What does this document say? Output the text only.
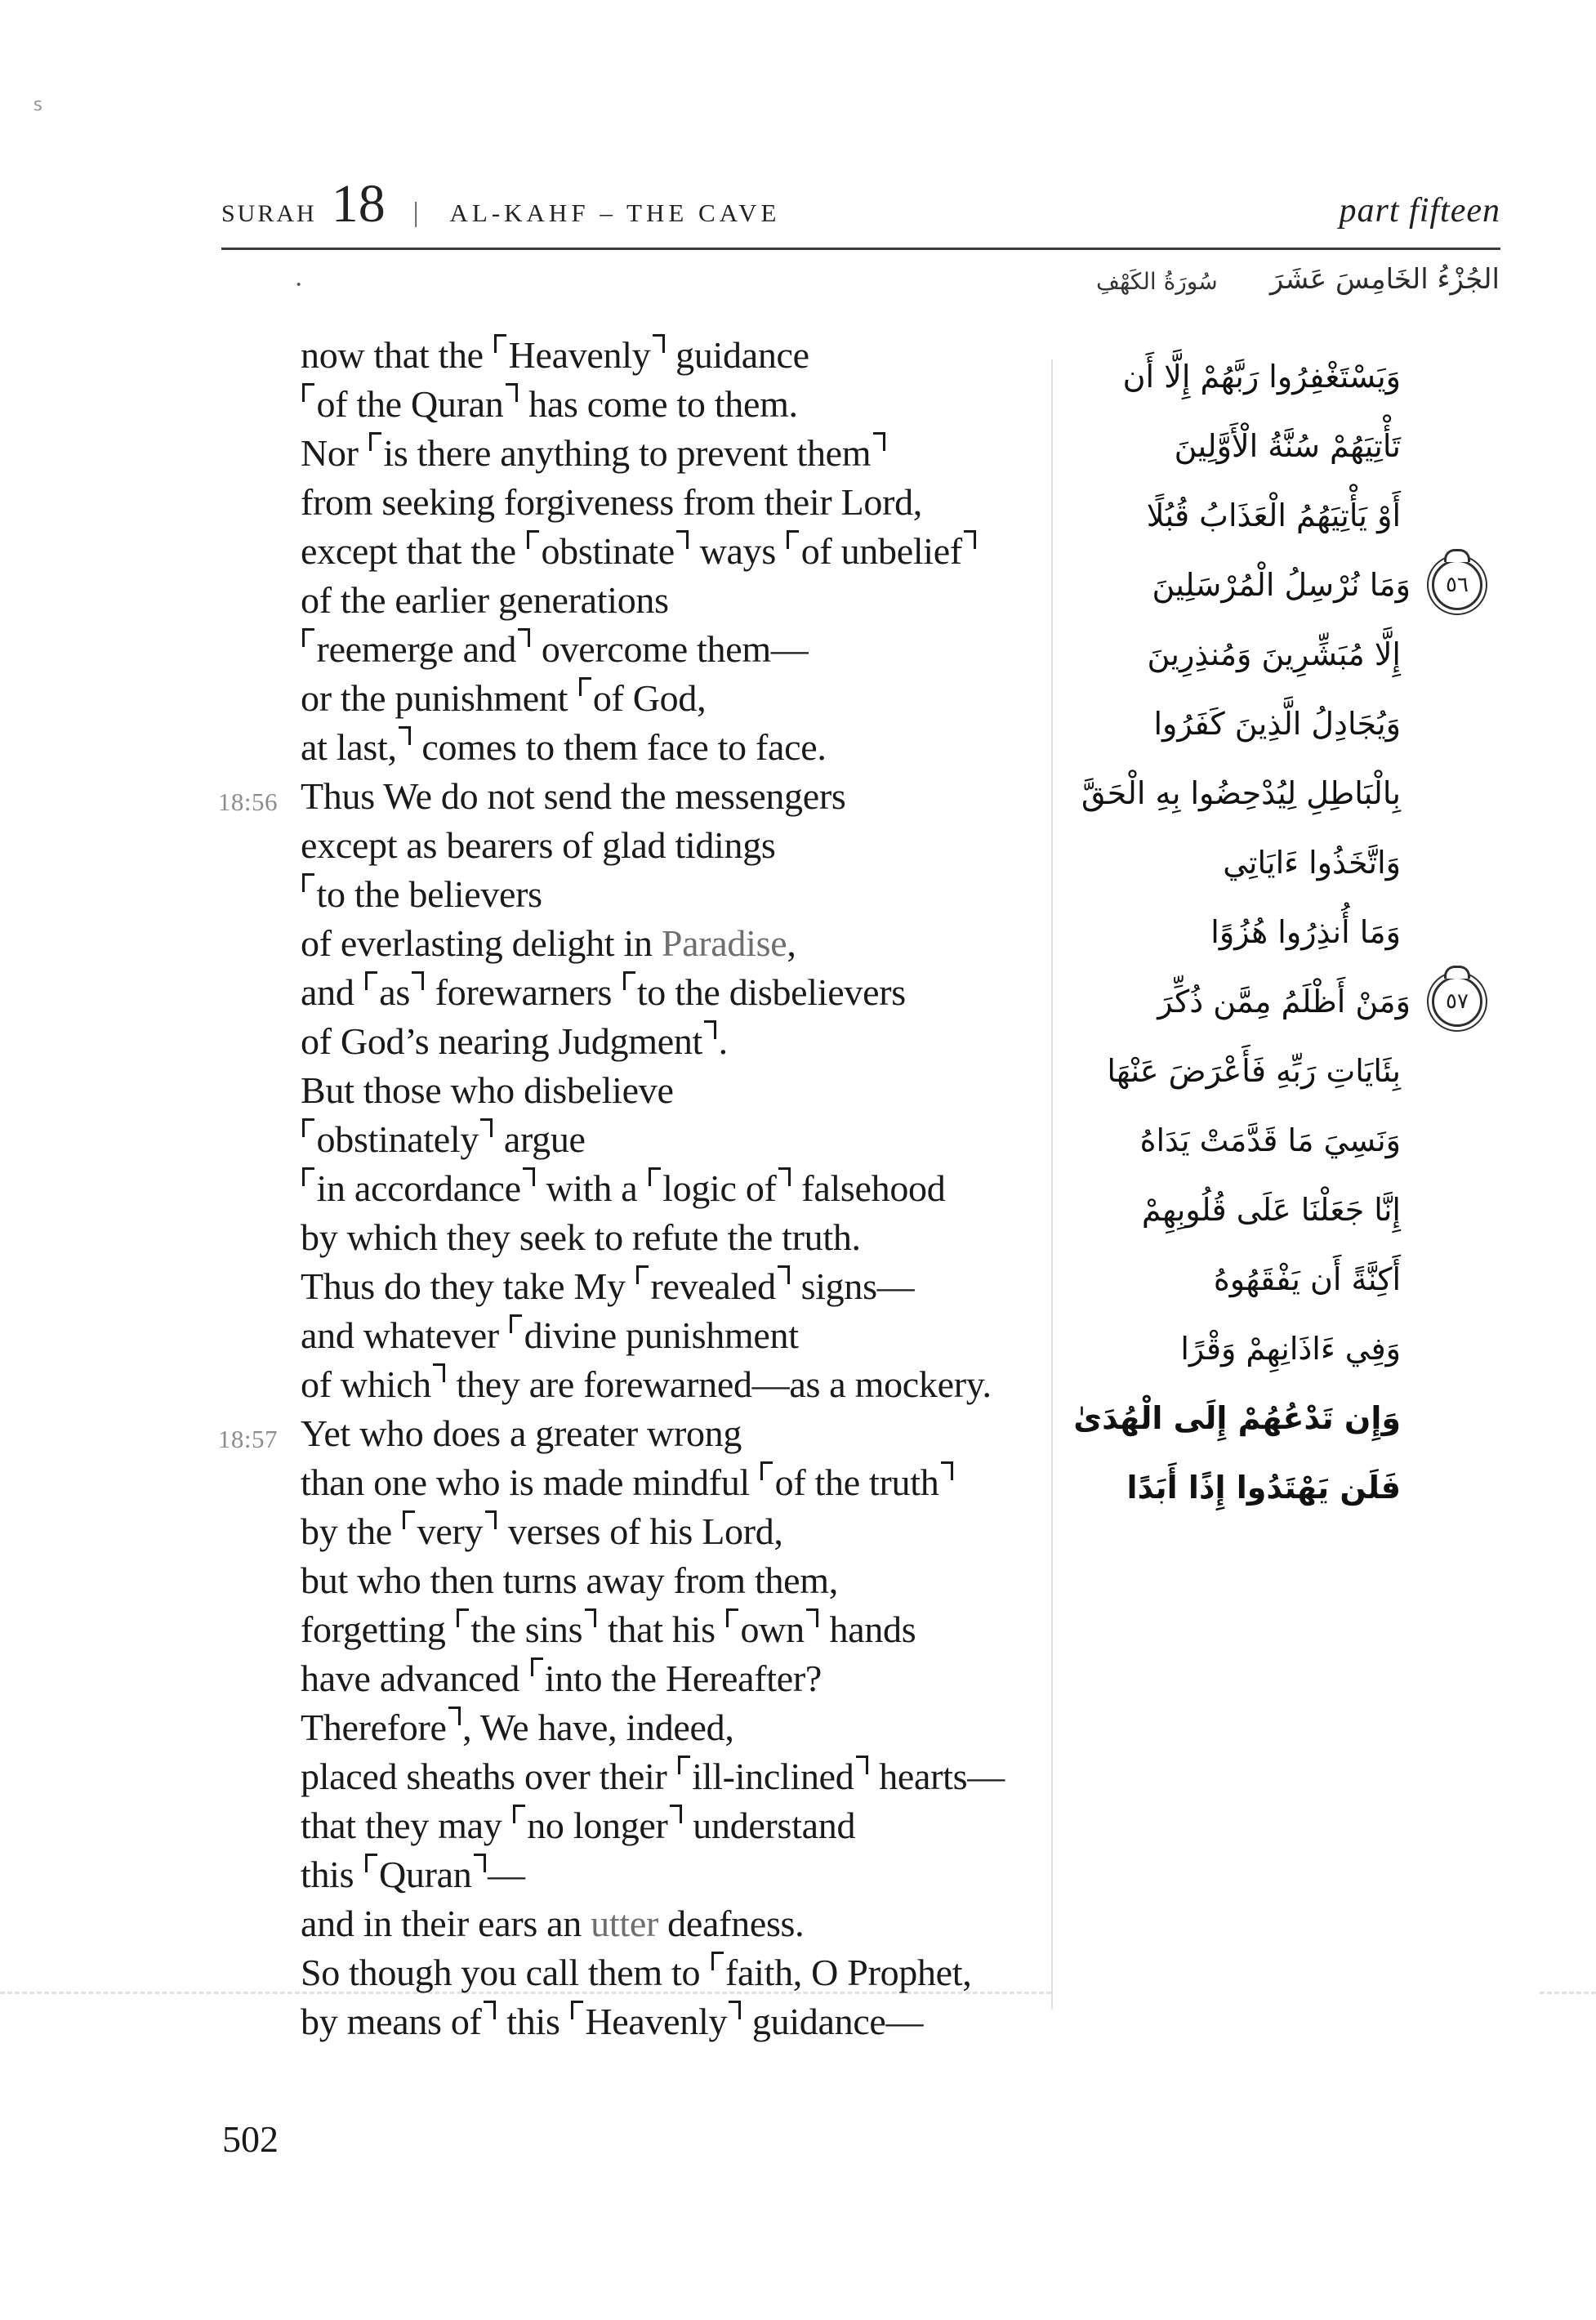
ᔆ
·
SURAH 18 | AL-KAHF – THE CAVE	part fifteen
الجُزْءُ الخَامِسَ عَشَرَ
سُورَةُ الكَهْفِ
now that the Heavenly guidance
of the Quran has come to them.
Nor is there anything to prevent them
from seeking forgiveness from their Lord,
except that the obstinate ways of unbelief
of the earlier generations
reemerge and overcome them—
or the punishment of God,
at last, comes to them face to face.
18:56 Thus We do not send the messengers
except as bearers of glad tidings
to the believers
of everlasting delight in Paradise,
and as forewarners to the disbelievers
of God’s nearing Judgment .
But those who disbelieve
obstinately argue
in accordance with a logic of falsehood
by which they seek to refute the truth.
Thus do they take My revealed signs—
and whatever divine punishment
of which they are forewarned—as a mockery.
18:57 Yet who does a greater wrong
than one who is made mindful of the truth
by the very verses of his Lord,
but who then turns away from them,
forgetting the sins that his own hands
have advanced into the Hereafter?
Therefore , We have, indeed,
placed sheaths over their ill-inclined hearts—
that they may no longer understand
this Quran —
and in their ears an utter deafness.
So though you call them to faith, O Prophet,
by means of this Heavenly guidance—
وَيَسْتَغْفِرُوا رَبَّهُمْ إِلَّا أَن
تَأْتِيَهُمْ سُنَّةُ الْأَوَّلِينَ
أَوْ يَأْتِيَهُمُ الْعَذَابُ قُبُلًا
٥٦
وَمَا نُرْسِلُ الْمُرْسَلِينَ
إِلَّا مُبَشِّرِينَ وَمُنذِرِينَ
وَيُجَادِلُ الَّذِينَ كَفَرُوا
بِالْبَاطِلِ لِيُدْحِضُوا بِهِ الْحَقَّ
وَاتَّخَذُوا ءَايَاتِي
وَمَا أُنذِرُوا هُزُوًا
٥٧
وَمَنْ أَظْلَمُ مِمَّن ذُكِّرَ
بِئَايَاتِ رَبِّهِ فَأَعْرَضَ عَنْهَا
وَنَسِيَ مَا قَدَّمَتْ يَدَاهُ
إِنَّا جَعَلْنَا عَلَى قُلُوبِهِمْ
أَكِنَّةً أَن يَفْقَهُوهُ
وَفِي ءَاذَانِهِمْ وَقْرًا
وَإِن تَدْعُهُمْ إِلَى الْهُدَىٰ
فَلَن يَهْتَدُوا إِذًا أَبَدًا
502
